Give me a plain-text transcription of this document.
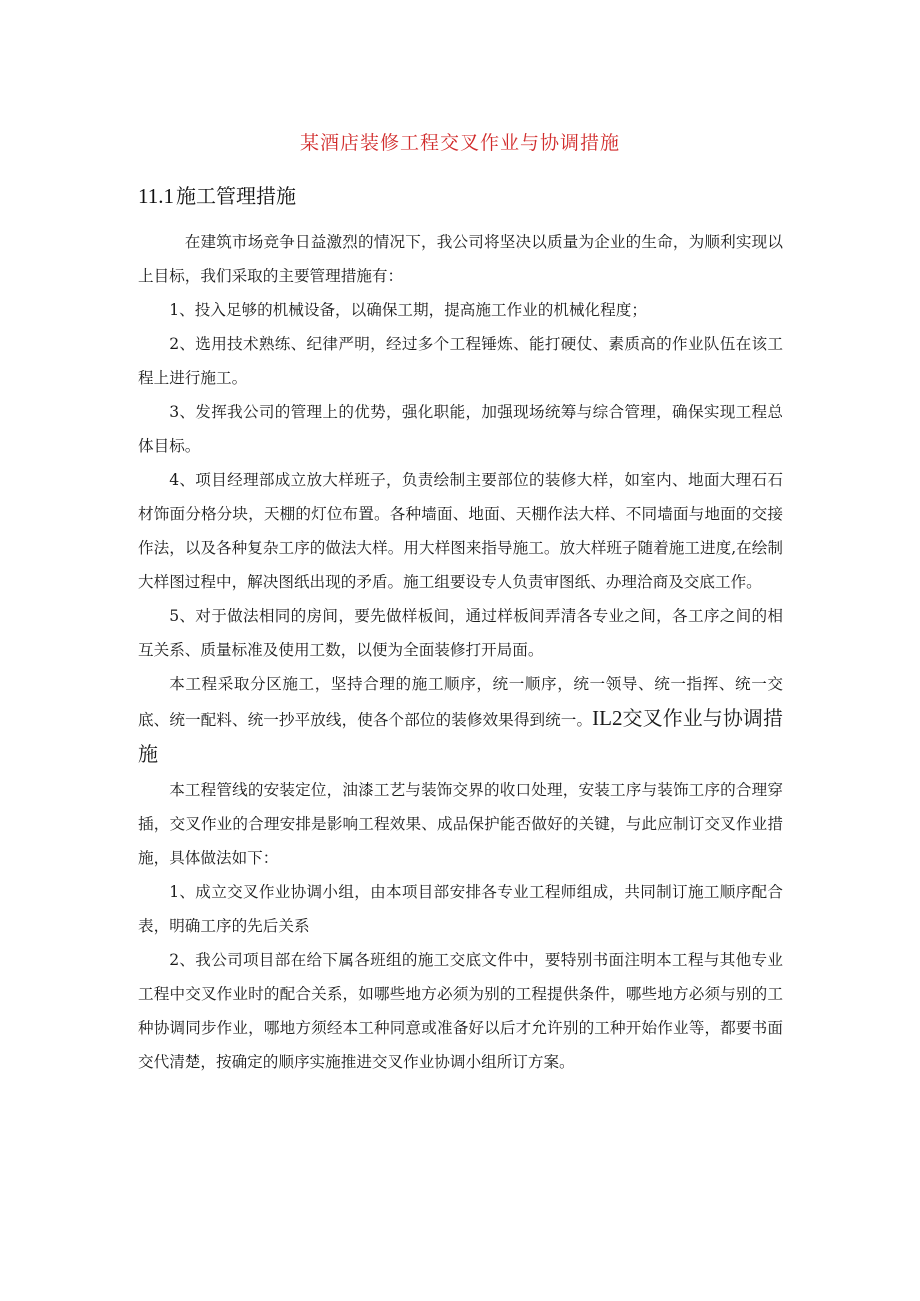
某酒店装修工程交叉作业与协调措施
11.1 施工管理措施

在建筑市场竞争日益激烈的情况下，我公司将坚决以质量为企业的生命，为顺利实现以上目标，我们采取的主要管理措施有：

1、投入足够的机械设备，以确保工期，提高施工作业的机械化程度；

2、选用技术熟练、纪律严明，经过多个工程锤炼、能打硬仗、素质高的作业队伍在该工程上进行施工。

3、发挥我公司的管理上的优势，强化职能，加强现场统筹与综合管理，确保实现工程总体目标。

4、项目经理部成立放大样班子，负责绘制主要部位的装修大样，如室内、地面大理石石材饰面分格分块，天棚的灯位布置。各种墙面、地面、天棚作法大样、不同墙面与地面的交接作法，以及各种复杂工序的做法大样。用大样图来指导施工。放大样班子随着施工进度,在绘制大样图过程中，解决图纸出现的矛盾。施工组要设专人负责审图纸、办理洽商及交底工作。

5、对于做法相同的房间，要先做样板间，通过样板间弄清各专业之间，各工序之间的相互关系、质量标准及使用工数，以便为全面装修打开局面。

本工程采取分区施工，坚持合理的施工顺序，统一顺序，统一领导、统一指挥、统一交底、统一配料、统一抄平放线，使各个部位的装修效果得到统一。IL2交叉作业与协调措施

本工程管线的安装定位，油漆工艺与装饰交界的收口处理，安装工序与装饰工序的合理穿插，交叉作业的合理安排是影响工程效果、成品保护能否做好的关键，与此应制订交叉作业措施，具体做法如下：

1、成立交叉作业协调小组，由本项目部安排各专业工程师组成，共同制订施工顺序配合表，明确工序的先后关系

2、我公司项目部在给下属各班组的施工交底文件中，要特别书面注明本工程与其他专业工程中交叉作业时的配合关系，如哪些地方必须为别的工程提供条件，哪些地方必须与别的工种协调同步作业，哪地方须经本工种同意或准备好以后才允许别的工种开始作业等，都要书面交代清楚，按确定的顺序实施推进交叉作业协调小组所订方案。
